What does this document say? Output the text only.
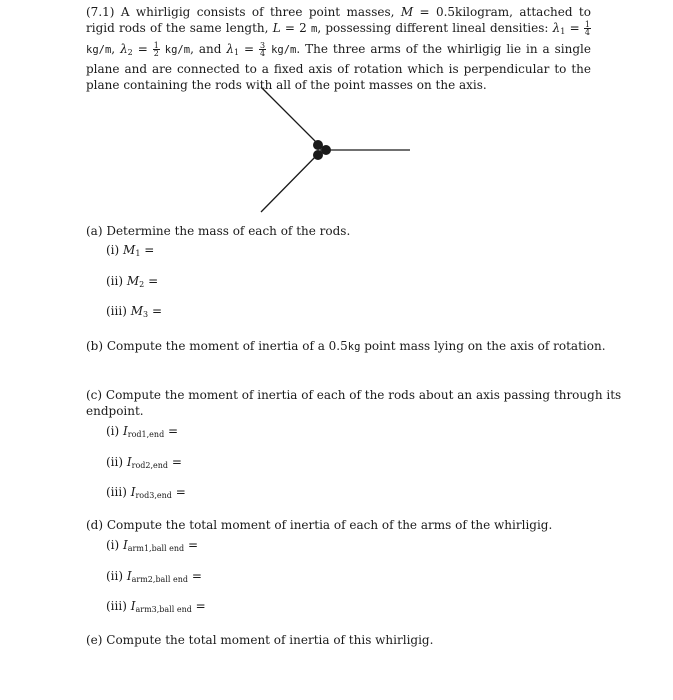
(7.1) A whirligig consists of three point masses, M = 0.5kilogram, attached to rigid rods of the same length, L = 2 m, possessing different lineal densities: $\lambda_1 = \frac{1}{4}$
kg/m, $\lambda_2 = \frac{1}{2} kg/m$, and $\lambda_1 = \frac{3}{4} kg/m$. The three arms of the whirligig lie in a single plane and are connected to a fixed axis of rotation which is perpendicular to the plane containing the rods with all of the point masses on the axis.
(a) Determine the mass of each of the rods.
(i) $M_1$ =
(ii) $M_2$ =
(iii) $M_3$ =
(b) Compute the moment of inertia of a 0.5kg point mass lying on the axis of rotation.
(c) Compute the moment of inertia of each of the rods about an axis passing through its
endpoint.
(i) $I_{rod1,end}$ =
(ii) $I_{rod2,end}$ =
(iii) $I_{rod3,end}$ =
(d) Compute the total moment of inertia of each of the arms of the whirligig.
(i) $I_{arm1,ball end}$ =
(ii) $I_{arm2,ball end}$ =
(iii) $I_{arm3,ball end}$ =
(e) Compute the total moment of inertia of this whirligig.
